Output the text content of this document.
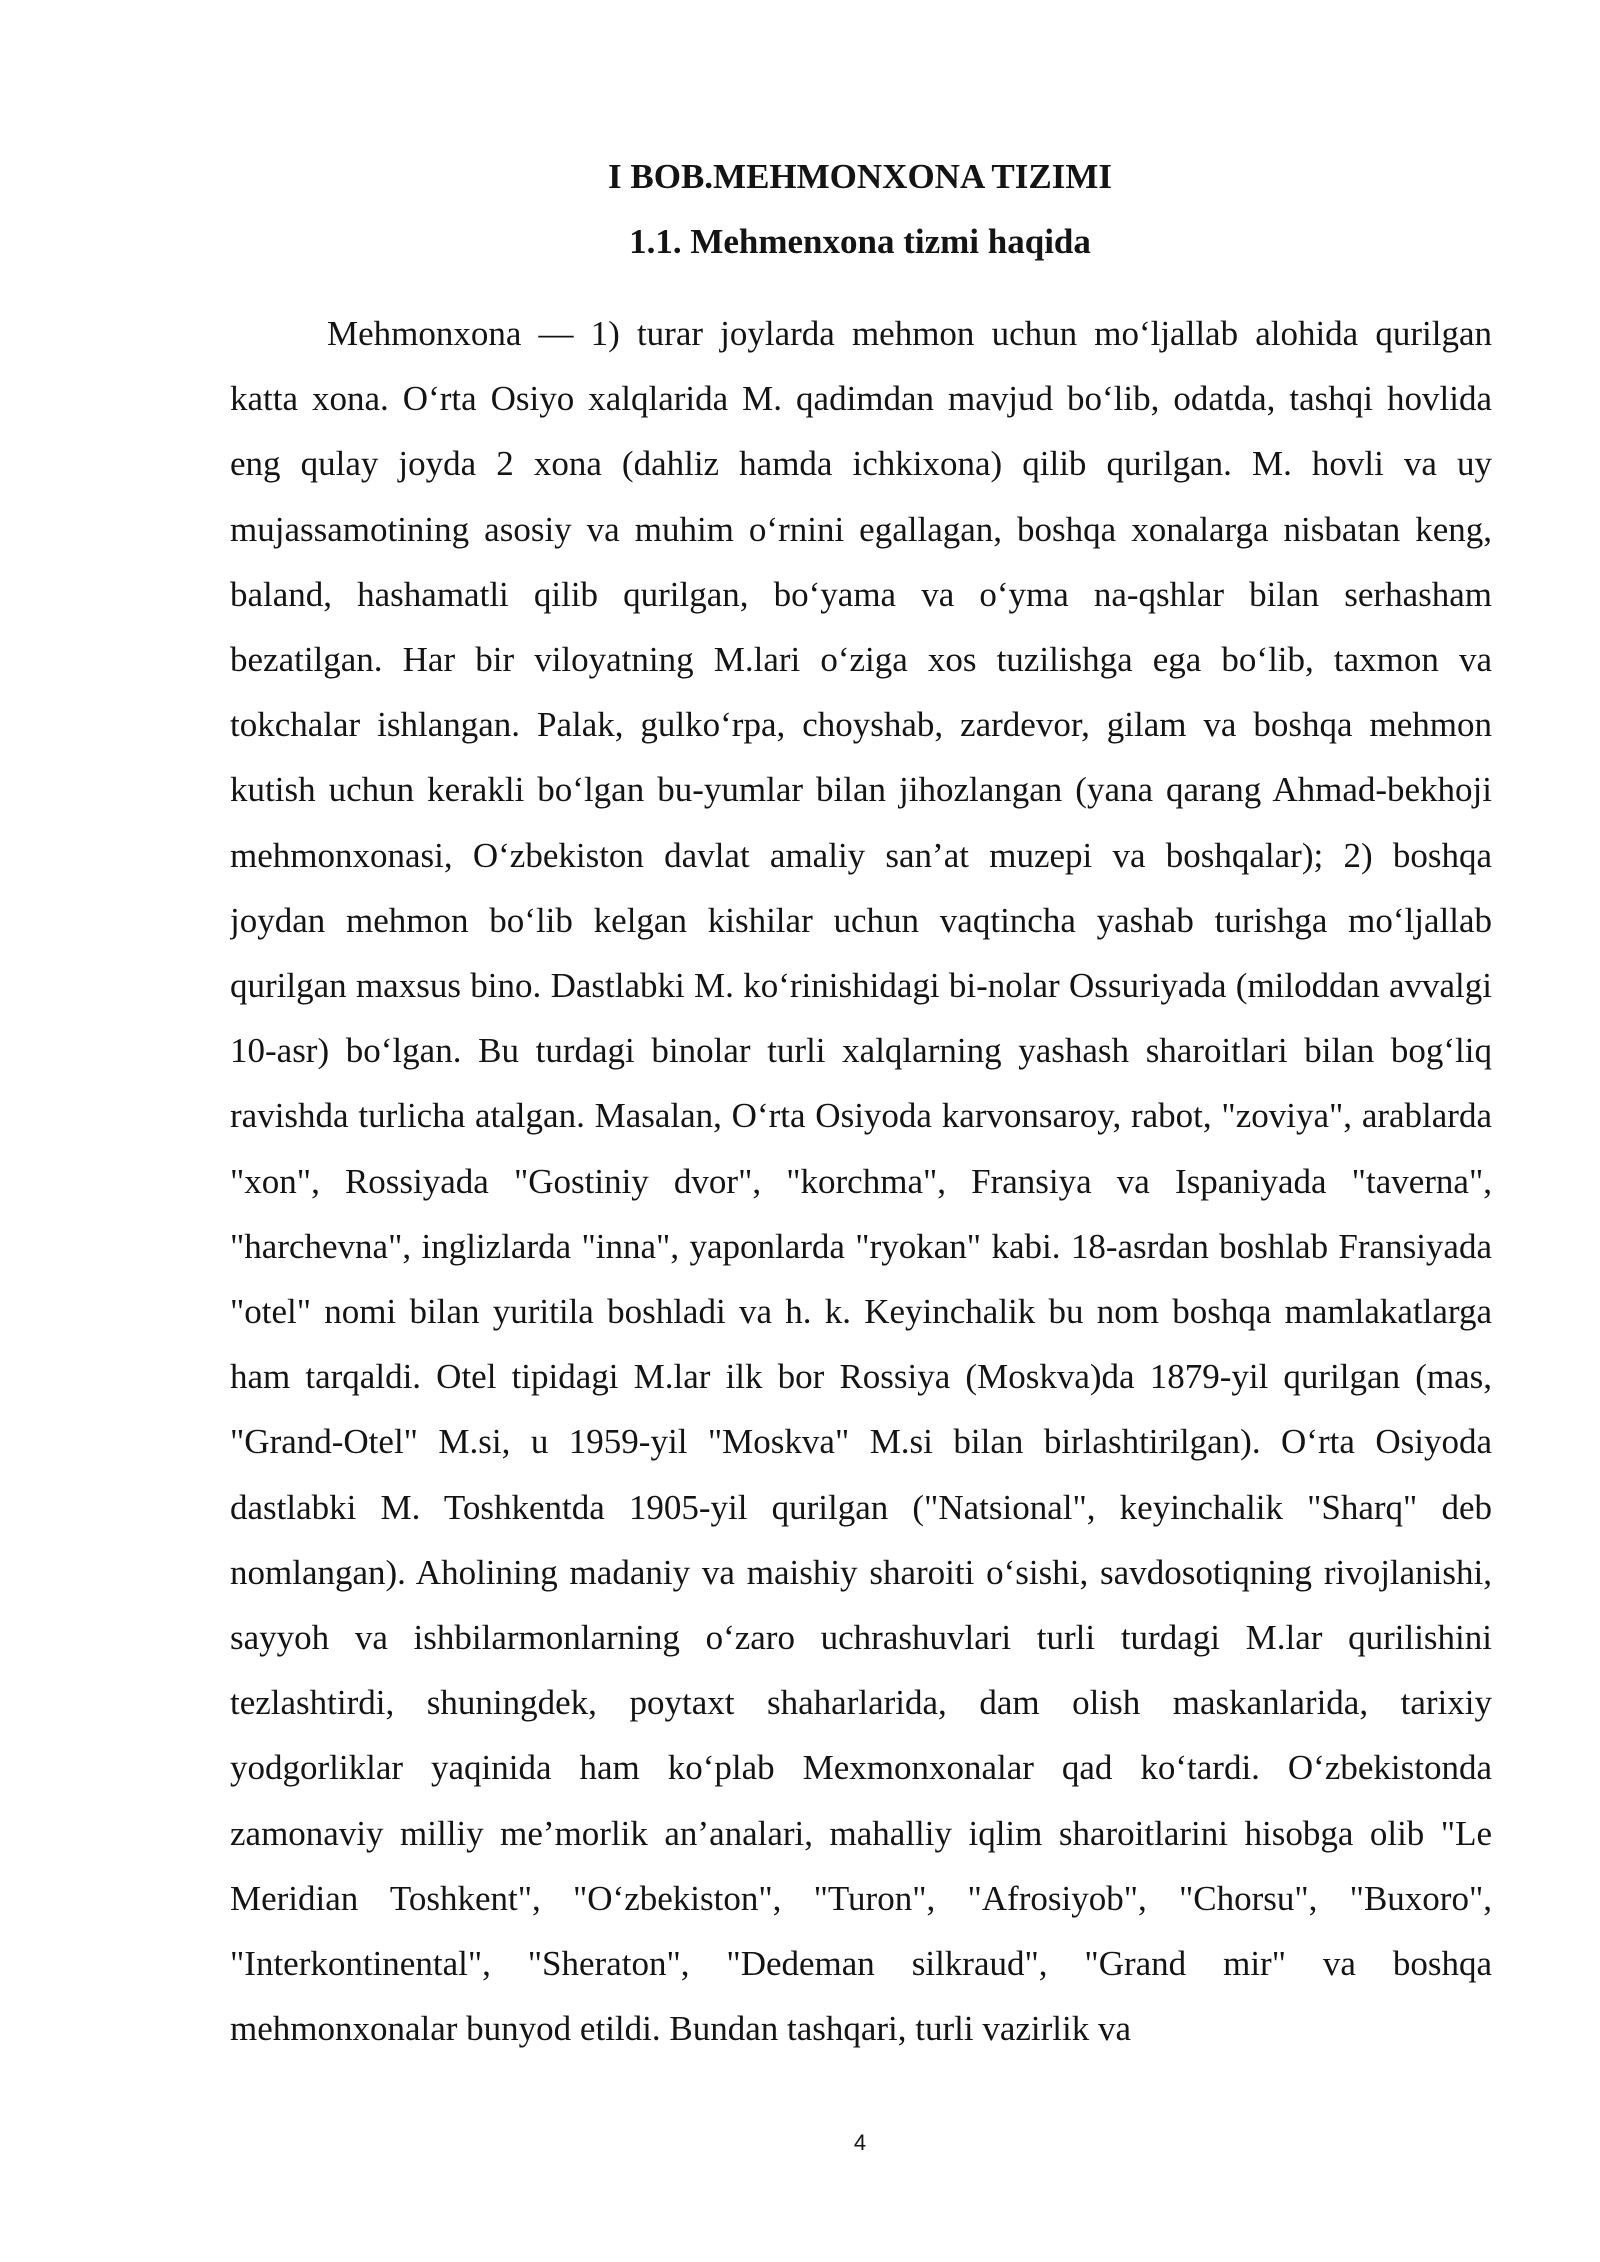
I BOB.MEHMONXONA TIZIMI
1.1. Mehmenxona tizmi haqida

Mehmonxona — 1) turar joylarda mehmon uchun moʻljallab alohida qurilgan katta xona. Oʻrta Osiyo xalqlarida M. qadimdan mavjud boʻlib, odatda, tashqi hovlida eng qulay joyda 2 xona (dahliz hamda ichkixona) qilib qurilgan. M. hovli va uy mujassamotining asosiy va muhim oʻrnini egallagan, boshqa xonalarga nisbatan keng, baland, hashamatli qilib qurilgan, boʻyama va oʻyma na-qshlar bilan serhasham bezatilgan. Har bir viloyatning M.lari oʻziga xos tuzilishga ega boʻlib, taxmon va tokchalar ishlangan. Palak, gulkoʻrpa, choyshab, zardevor, gilam va boshqa mehmon kutish uchun kerakli boʻlgan bu-yumlar bilan jihozlangan (yana qarang Ahmad-bekhoji mehmonxonasi, Oʻzbekiston davlat amaliy san’at muzepi va boshqalar); 2) boshqa joydan mehmon boʻlib kelgan kishilar uchun vaqtincha yashab turishga moʻljallab qurilgan maxsus bino. Dastlabki M. koʻrinishidagi bi-nolar Ossuriyada (miloddan avvalgi 10-asr) boʻlgan. Bu turdagi binolar turli xalqlarning yashash sharoitlari bilan bogʻliq ravishda turlicha atalgan. Masalan, Oʻrta Osiyoda karvonsaroy, rabot, "zoviya", arablarda "xon", Rossiyada "Gostiniy dvor", "korchma", Fransiya va Ispaniyada "taverna", "harchevna", inglizlarda "inna", yaponlarda "ryokan" kabi. 18-asrdan boshlab Fransiyada "otel" nomi bilan yuritila boshladi va h. k. Keyinchalik bu nom boshqa mamlakatlarga ham tarqaldi. Otel tipidagi M.lar ilk bor Rossiya (Moskva)da 1879-yil qurilgan (mas, "Grand-Otel" M.si, u 1959-yil "Moskva" M.si bilan birlashtirilgan). Oʻrta Osiyoda dastlabki M. Toshkentda 1905-yil qurilgan ("Natsional", keyinchalik "Sharq" deb nomlangan). Aholining madaniy va maishiy sharoiti oʻsishi, savdosotiqning rivojlanishi, sayyoh va ishbilarmonlarning oʻzaro uchrashuvlari turli turdagi M.lar qurilishini tezlashtirdi, shuningdek, poytaxt shaharlarida, dam olish maskanlarida, tarixiy yodgorliklar yaqinida ham koʻplab Mexmonxonalar qad koʻtardi. Oʻzbekistonda zamonaviy milliy me’morlik an’analari, mahalliy iqlim sharoitlarini hisobga olib "Le Meridian Toshkent", "Oʻzbekiston", "Turon", "Afrosiyob", "Chorsu", "Buxoro", "Interkontinental", "Sheraton", "Dedeman silkraud", "Grand mir" va boshqa mehmonxonalar bunyod etildi. Bundan tashqari, turli vazirlik va

4
